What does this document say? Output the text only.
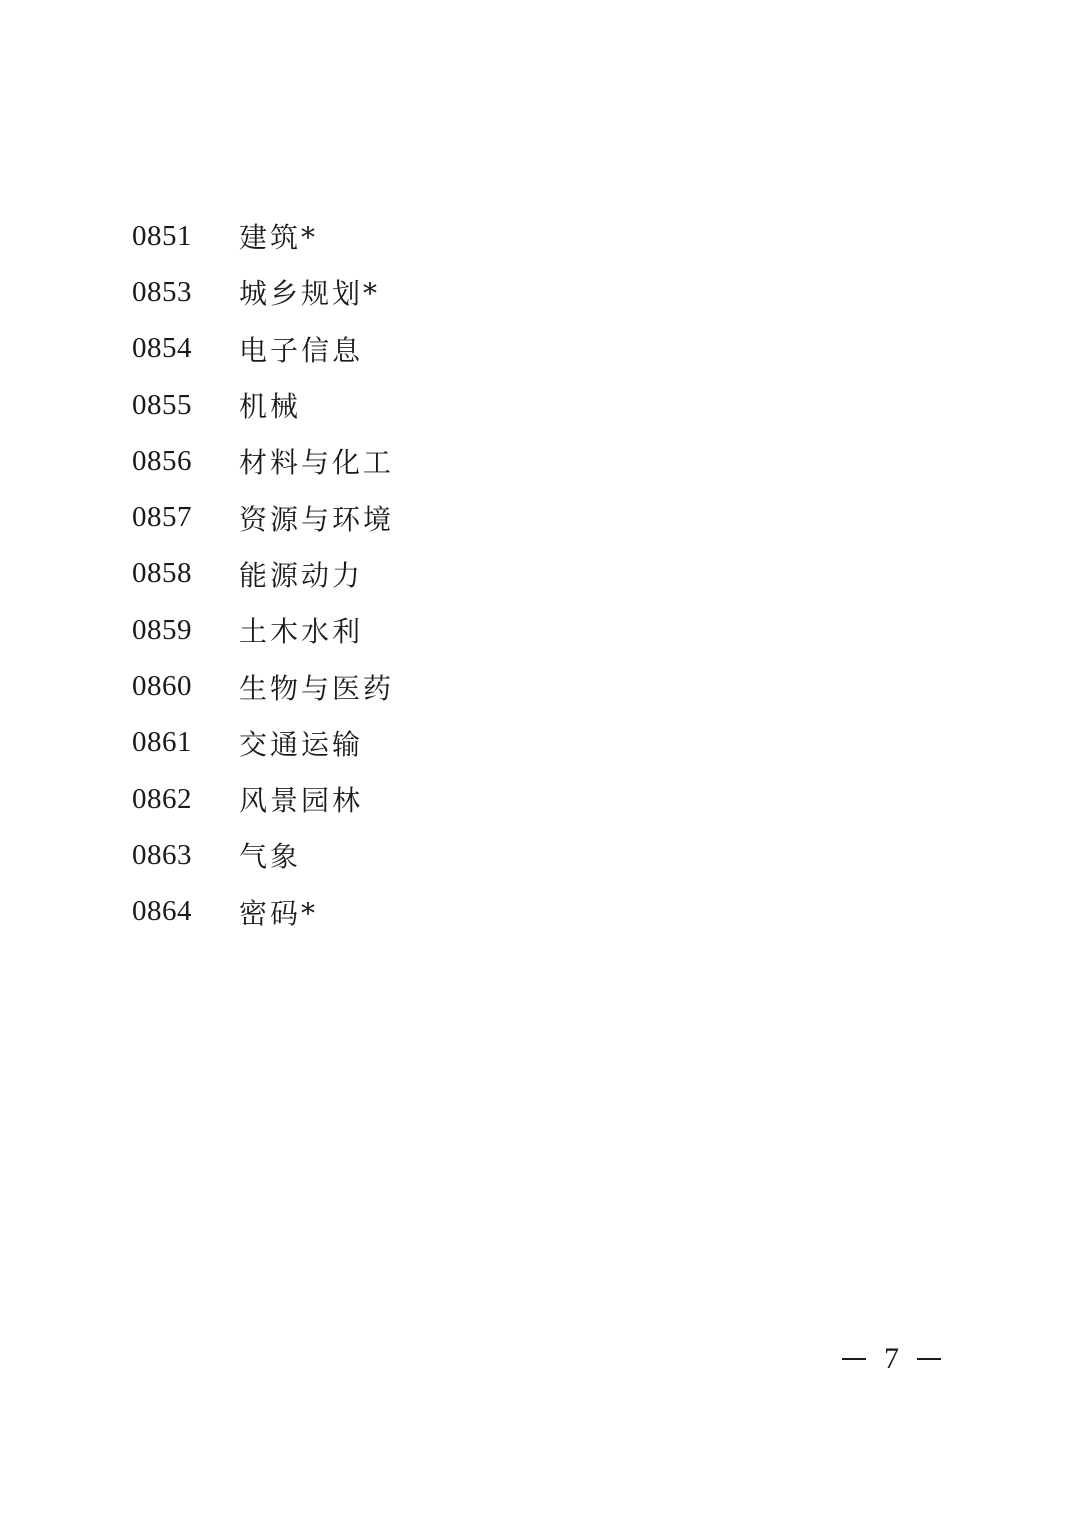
0851	建筑*
0853	城乡规划*
0854	电子信息
0855	机械
0856	材料与化工
0857	资源与环境
0858	能源动力
0859	土木水利
0860	生物与医药
0861	交通运输
0862	风景园林
0863	气象
0864	密码*
7
